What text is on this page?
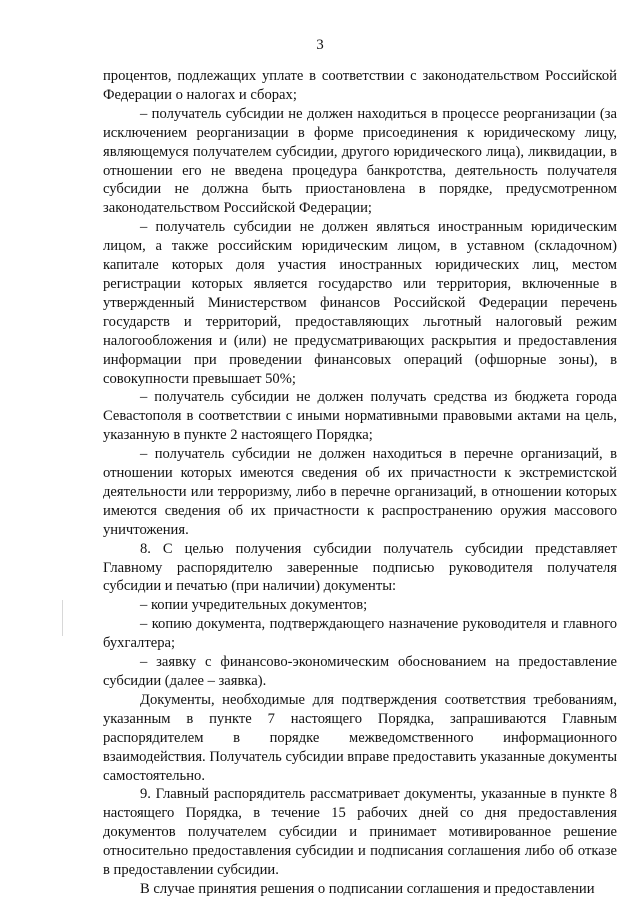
3

процентов, подлежащих уплате в соответствии с законодательством Российской Федерации о налогах и сборах;

– получатель субсидии не должен находиться в процессе реорганизации (за исключением реорганизации в форме присоединения к юридическому лицу, являющемуся получателем субсидии, другого юридического лица), ликвидации, в отношении его не введена процедура банкротства, деятельность получателя субсидии не должна быть приостановлена в порядке, предусмотренном законодательством Российской Федерации;

– получатель субсидии не должен являться иностранным юридическим лицом, а также российским юридическим лицом, в уставном (складочном) капитале которых доля участия иностранных юридических лиц, местом регистрации которых является государство или территория, включенные в утвержденный Министерством финансов Российской Федерации перечень государств и территорий, предоставляющих льготный налоговый режим налогообложения и (или) не предусматривающих раскрытия и предоставления информации при проведении финансовых операций (офшорные зоны), в совокупности превышает 50%;

– получатель субсидии не должен получать средства из бюджета города Севастополя в соответствии с иными нормативными правовыми актами на цель, указанную в пункте 2 настоящего Порядка;

– получатель субсидии не должен находиться в перечне организаций, в отношении которых имеются сведения об их причастности к экстремистской деятельности или терроризму, либо в перечне организаций, в отношении которых имеются сведения об их причастности к распространению оружия массового уничтожения.

8. С целью получения субсидии получатель субсидии представляет Главному распорядителю заверенные подписью руководителя получателя субсидии и печатью (при наличии) документы:

– копии учредительных документов;

– копию документа, подтверждающего назначение руководителя и главного бухгалтера;

– заявку с финансово-экономическим обоснованием на предоставление субсидии (далее – заявка).

Документы, необходимые для подтверждения соответствия требованиям, указанным в пункте 7 настоящего Порядка, запрашиваются Главным распорядителем в порядке межведомственного информационного взаимодействия. Получатель субсидии вправе предоставить указанные документы самостоятельно.

9. Главный распорядитель рассматривает документы, указанные в пункте 8 настоящего Порядка, в течение 15 рабочих дней со дня предоставления документов получателем субсидии и принимает мотивированное решение относительно предоставления субсидии и подписания соглашения либо об отказе в предоставлении субсидии.

В случае принятия решения о подписании соглашения и предоставлении
